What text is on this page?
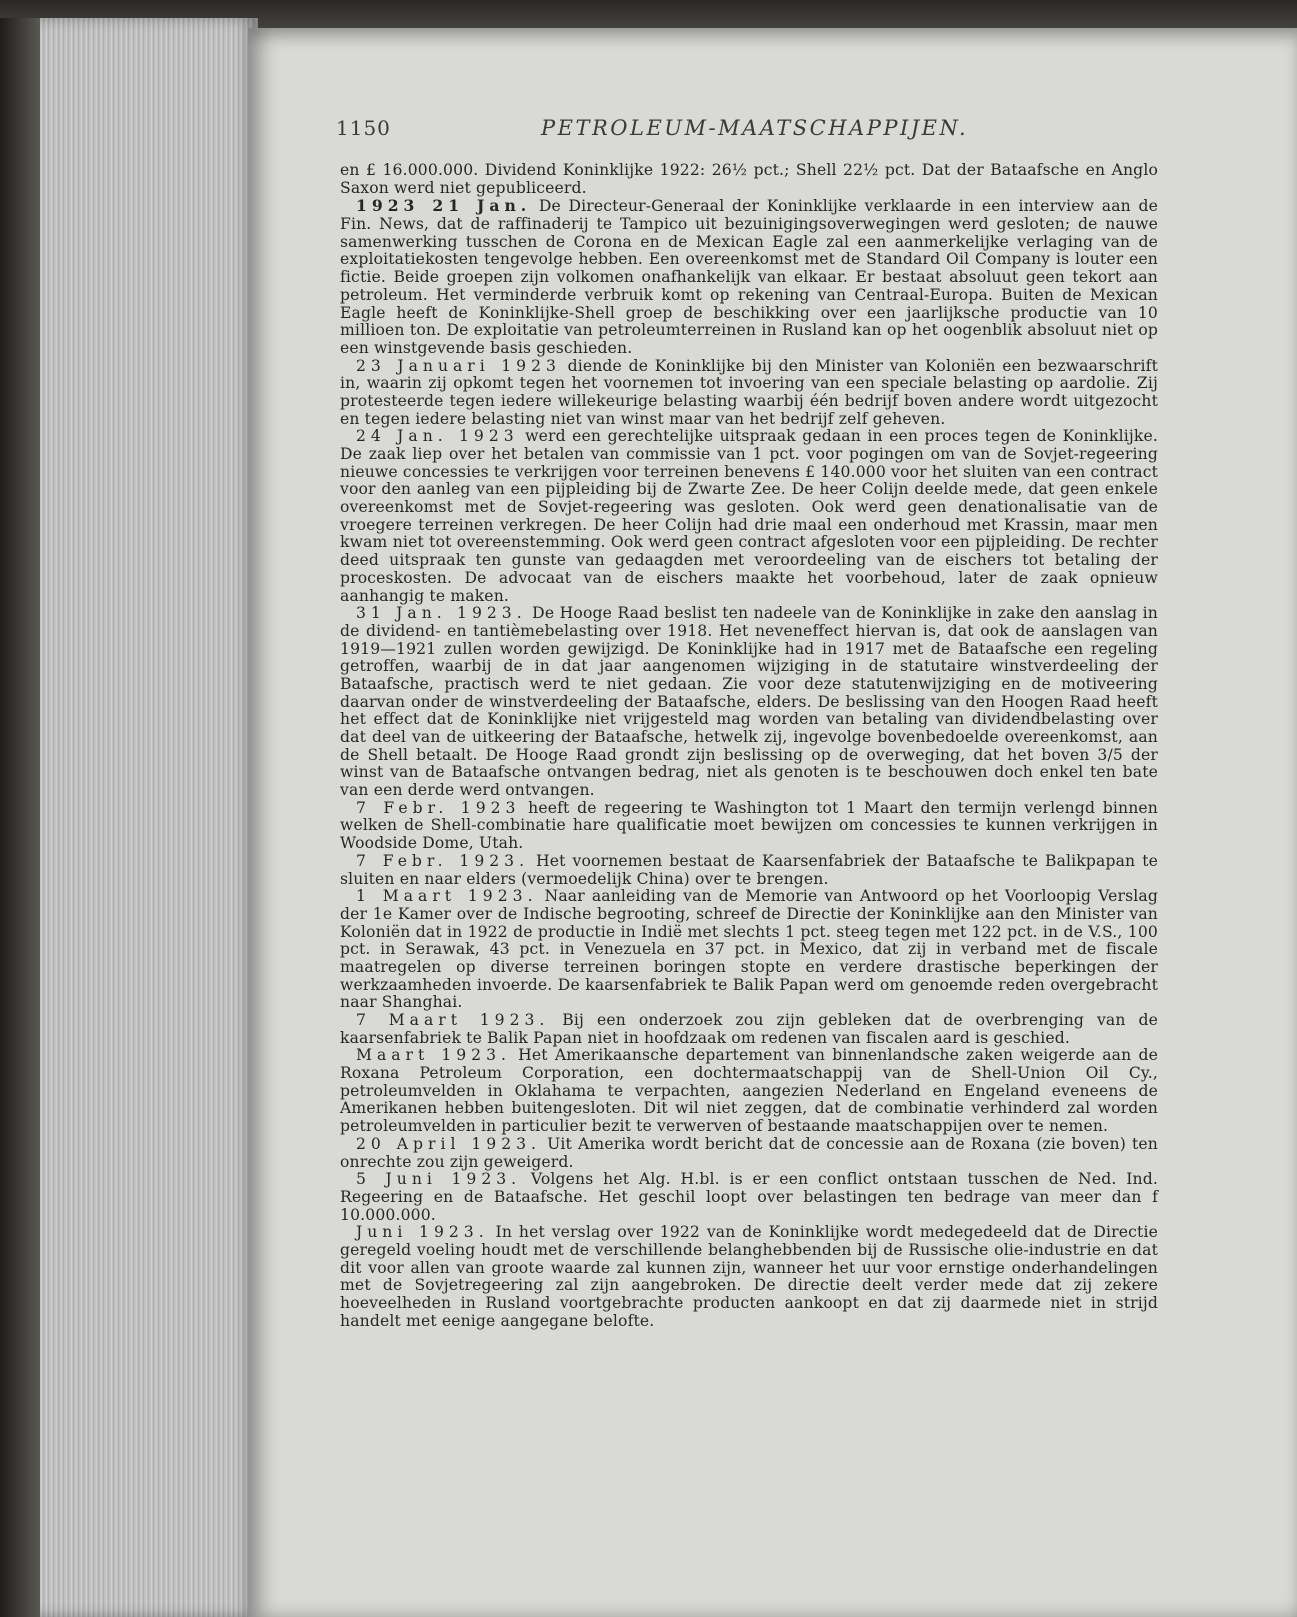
1150	PETROLEUM-MAATSCHAPPIJEN.

en £ 16.000.000. Dividend Koninklijke 1922: 26½ pct.; Shell 22½ pct. Dat der Bataafsche en Anglo Saxon werd niet gepubliceerd.

1923 21 Jan. De Directeur-Generaal der Koninklijke verklaarde in een interview aan de Fin. News, dat de raffinaderij te Tampico uit bezuinigingsoverwegingen werd gesloten; de nauwe samenwerking tusschen de Corona en de Mexican Eagle zal een aanmerkelijke verlaging van de exploitatiekosten tengevolge hebben. Een overeenkomst met de Standard Oil Company is louter een fictie. Beide groepen zijn volkomen onafhankelijk van elkaar. Er bestaat absoluut geen tekort aan petroleum. Het verminderde verbruik komt op rekening van Centraal-Europa. Buiten de Mexican Eagle heeft de Koninklijke-Shell groep de beschikking over een jaarlijksche productie van 10 millioen ton. De exploitatie van petroleumterreinen in Rusland kan op het oogenblik absoluut niet op een winstgevende basis geschieden.

23 Januari 1923 diende de Koninklijke bij den Minister van Koloniën een bezwaarschrift in, waarin zij opkomt tegen het voornemen tot invoering van een speciale belasting op aardolie. Zij protesteerde tegen iedere willekeurige belasting waarbij één bedrijf boven andere wordt uitgezocht en tegen iedere belasting niet van winst maar van het bedrijf zelf geheven.

24 Jan. 1923 werd een gerechtelijke uitspraak gedaan in een proces tegen de Koninklijke. De zaak liep over het betalen van commissie van 1 pct. voor pogingen om van de Sovjet-regeering nieuwe concessies te verkrijgen voor terreinen benevens £ 140.000 voor het sluiten van een contract voor den aanleg van een pijpleiding bij de Zwarte Zee. De heer Colijn deelde mede, dat geen enkele overeenkomst met de Sovjet-regeering was gesloten. Ook werd geen denationalisatie van de vroegere terreinen verkregen. De heer Colijn had drie maal een onderhoud met Krassin, maar men kwam niet tot overeenstemming. Ook werd geen contract afgesloten voor een pijpleiding. De rechter deed uitspraak ten gunste van gedaagden met veroordeeling van de eischers tot betaling der proceskosten. De advocaat van de eischers maakte het voorbehoud, later de zaak opnieuw aanhangig te maken.

31 Jan. 1923. De Hooge Raad beslist ten nadeele van de Koninklijke in zake den aanslag in de dividend- en tantièmebelasting over 1918. Het neveneffect hiervan is, dat ook de aanslagen van 1919—1921 zullen worden gewijzigd. De Koninklijke had in 1917 met de Bataafsche een regeling getroffen, waarbij de in dat jaar aangenomen wijziging in de statutaire winstverdeeling der Bataafsche, practisch werd te niet gedaan. Zie voor deze statutenwijziging en de motiveering daarvan onder de winstverdeeling der Bataafsche, elders. De beslissing van den Hoogen Raad heeft het effect dat de Koninklijke niet vrijgesteld mag worden van betaling van dividendbelasting over dat deel van de uitkeering der Bataafsche, hetwelk zij, ingevolge bovenbedoelde overeenkomst, aan de Shell betaalt. De Hooge Raad grondt zijn beslissing op de overweging, dat het boven 3/5 der winst van de Bataafsche ontvangen bedrag, niet als genoten is te beschouwen doch enkel ten bate van een derde werd ontvangen.

7 Febr. 1923 heeft de regeering te Washington tot 1 Maart den termijn verlengd binnen welken de Shell-combinatie hare qualificatie moet bewijzen om concessies te kunnen verkrijgen in Woodside Dome, Utah.

7 Febr. 1923. Het voornemen bestaat de Kaarsenfabriek der Bataafsche te Balikpapan te sluiten en naar elders (vermoedelijk China) over te brengen.

1 Maart 1923. Naar aanleiding van de Memorie van Antwoord op het Voorloopig Verslag der 1e Kamer over de Indische begrooting, schreef de Directie der Koninklijke aan den Minister van Koloniën dat in 1922 de productie in Indië met slechts 1 pct. steeg tegen met 122 pct. in de V.S., 100 pct. in Serawak, 43 pct. in Venezuela en 37 pct. in Mexico, dat zij in verband met de fiscale maatregelen op diverse terreinen boringen stopte en verdere drastische beperkingen der werkzaamheden invoerde. De kaarsenfabriek te Balik Papan werd om genoemde reden overgebracht naar Shanghai.

7 Maart 1923. Bij een onderzoek zou zijn gebleken dat de overbrenging van de kaarsenfabriek te Balik Papan niet in hoofdzaak om redenen van fiscalen aard is geschied.

Maart 1923. Het Amerikaansche departement van binnenlandsche zaken weigerde aan de Roxana Petroleum Corporation, een dochtermaatschappij van de Shell-Union Oil Cy., petroleumvelden in Oklahama te verpachten, aangezien Nederland en Engeland eveneens de Amerikanen hebben buitengesloten. Dit wil niet zeggen, dat de combinatie verhinderd zal worden petroleumvelden in particulier bezit te verwerven of bestaande maatschappijen over te nemen.

20 April 1923. Uit Amerika wordt bericht dat de concessie aan de Roxana (zie boven) ten onrechte zou zijn geweigerd.

5 Juni 1923. Volgens het Alg. H.bl. is er een conflict ontstaan tusschen de Ned. Ind. Regeering en de Bataafsche. Het geschil loopt over belastingen ten bedrage van meer dan f 10.000.000.

Juni 1923. In het verslag over 1922 van de Koninklijke wordt medegedeeld dat de Directie geregeld voeling houdt met de verschillende belanghebbenden bij de Russische olie-industrie en dat dit voor allen van groote waarde zal kunnen zijn, wanneer het uur voor ernstige onderhandelingen met de Sovjetregeering zal zijn aangebroken. De directie deelt verder mede dat zij zekere hoeveelheden in Rusland voortgebrachte producten aankoopt en dat zij daarmede niet in strijd handelt met eenige aangegane belofte.
